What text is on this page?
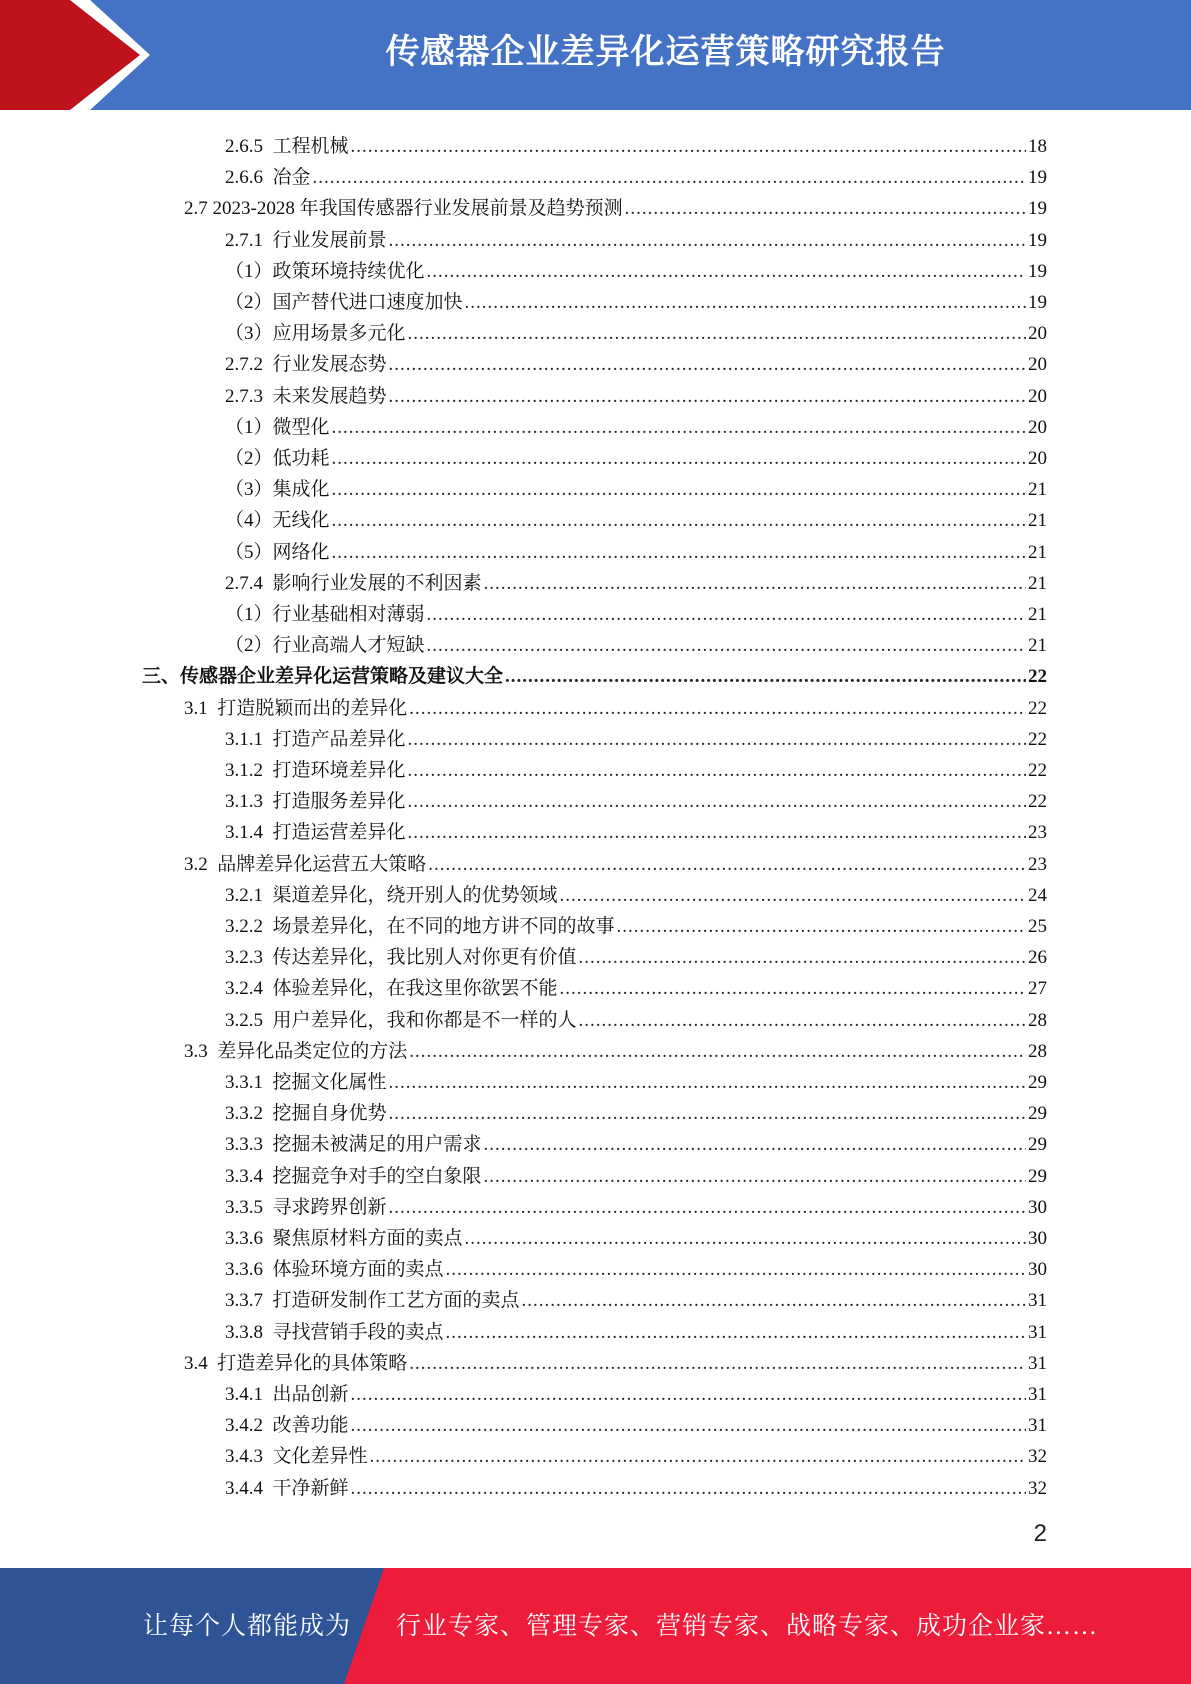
传感器企业差异化运营策略研究报告
2.6.5  工程机械 .....	18
2.6.6  冶金 .....	19
2.7 2023-2028 年我国传感器行业发展前景及趋势预测 .....	19
2.7.1  行业发展前景 .....	19
（1）政策环境持续优化 .....	19
（2）国产替代进口速度加快 .....	19
（3）应用场景多元化 .....	20
2.7.2  行业发展态势 .....	20
2.7.3  未来发展趋势 .....	20
（1）微型化 .....	20
（2）低功耗 .....	20
（3）集成化 .....	21
（4）无线化 .....	21
（5）网络化 .....	21
2.7.4  影响行业发展的不利因素 .....	21
（1）行业基础相对薄弱 .....	21
（2）行业高端人才短缺 .....	21
三、传感器企业差异化运营策略及建议大全 .....	22
3.1  打造脱颖而出的差异化 .....	22
3.1.1  打造产品差异化 .....	22
3.1.2  打造环境差异化 .....	22
3.1.3  打造服务差异化 .....	22
3.1.4  打造运营差异化 .....	23
3.2  品牌差异化运营五大策略 .....	23
3.2.1  渠道差异化，绕开别人的优势领域 .....	24
3.2.2  场景差异化，在不同的地方讲不同的故事 .....	25
3.2.3  传达差异化，我比别人对你更有价值 .....	26
3.2.4  体验差异化，在我这里你欲罢不能 .....	27
3.2.5  用户差异化，我和你都是不一样的人 .....	28
3.3  差异化品类定位的方法 .....	28
3.3.1  挖掘文化属性 .....	29
3.3.2  挖掘自身优势 .....	29
3.3.3  挖掘未被满足的用户需求 .....	29
3.3.4  挖掘竞争对手的空白象限 .....	29
3.3.5  寻求跨界创新 .....	30
3.3.6  聚焦原材料方面的卖点 .....	30
3.3.6  体验环境方面的卖点 .....	30
3.3.7  打造研发制作工艺方面的卖点 .....	31
3.3.8  寻找营销手段的卖点 .....	31
3.4  打造差异化的具体策略 .....	31
3.4.1  出品创新 .....	31
3.4.2  改善功能 .....	31
3.4.3  文化差异性 .....	32
3.4.4  干净新鲜 .....	32
2
让每个人都能成为 行业专家、管理专家、营销专家、战略专家、成功企业家……
